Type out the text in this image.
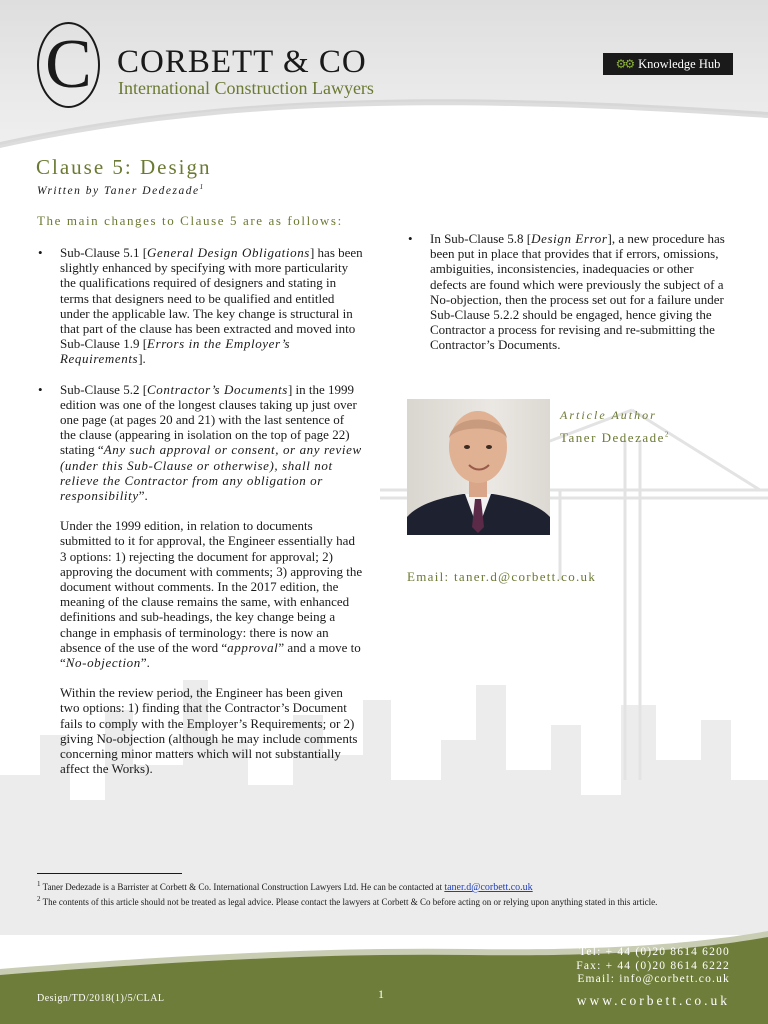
C CORBETT & CO
International Construction Lawyers
⚙⚙ Knowledge Hub
Clause 5: Design
Written by Taner Dedezade$^1$
The main changes to Clause 5 are as follows:
• Sub-Clause 5.1 [General Design Obligations] has been slightly enhanced by specifying with more particularity the qualifications required of designers and stating in terms that designers need to be qualified and entitled under the applicable law. The key change is structural in that part of the clause has been extracted and moved into Sub-Clause 1.9 [Errors in the Employer’s Requirements].
• Sub-Clause 5.2 [Contractor’s Documents] in the 1999 edition was one of the longest clauses taking up just over one page (at pages 20 and 21) with the last sentence of the clause (appearing in isolation on the top of page 22) stating “Any such approval or consent, or any review (under this Sub-Clause or otherwise), shall not relieve the Contractor from any obligation or responsibility”.
Under the 1999 edition, in relation to documents submitted to it for approval, the Engineer essentially had 3 options: 1) rejecting the document for approval; 2) approving the document with comments; 3) approving the document without comments. In the 2017 edition, the meaning of the clause remains the same, with enhanced definitions and sub-headings, the key change being a change in emphasis of terminology: there is now an absence of the use of the word “approval” and a move to “No-objection”.
Within the review period, the Engineer has been given two options: 1) finding that the Contractor’s Document fails to comply with the Employer’s Requirements; or 2) giving No-objection (although he may include comments concerning minor matters which will not substantially affect the Works).
• In Sub-Clause 5.8 [Design Error], a new procedure has been put in place that provides that if errors, omissions, ambiguities, inconsistencies, inadequacies or other defects are found which were previously the subject of a No-objection, then the process set out for a failure under Sub-Clause 5.2.2 should be engaged, hence giving the Contractor a process for revising and re-submitting the Contractor’s Documents.
Article Author
Taner Dedezade$^2$
Email: taner.d@corbett.co.uk

$^1$ Taner Dedezade is a Barrister at Corbett & Co. International Construction Lawyers Ltd. He can be contacted at taner.d@corbett.co.uk

$^2$ The contents of this article should not be treated as legal advice. Please contact the lawyers at Corbett & Co before acting on or relying upon anything stated in this article.

Tel: + 44 (0)20 8614 6200
Fax: + 44 (0)20 8614 6222
Email: info@corbett.co.uk
www.corbett.co.uk
Design/TD/2018(1)/5/CLAL	1
